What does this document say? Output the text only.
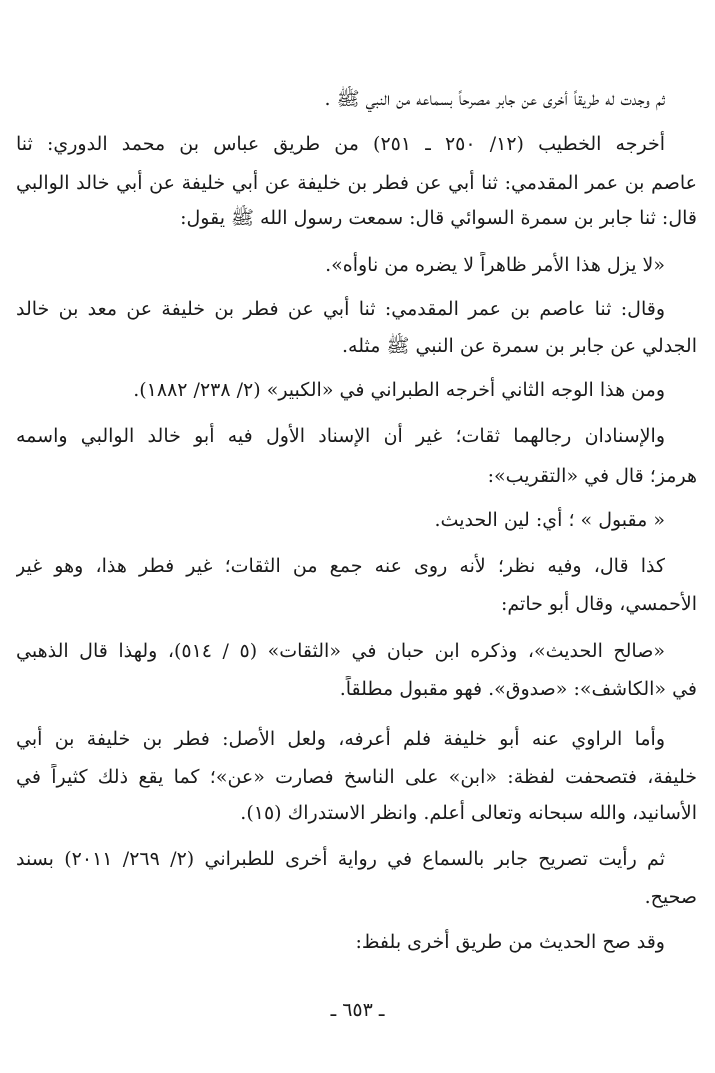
ثم وجدت له طريقاً أخرى عن جابر مصرحاً بسماعه من النبي ﷺ .
أخرجه الخطيب (١٢/ ٢٥٠ ـ ٢٥١) من طريق عباس بن محمد الدوري: ثنا
عاصم بن عمر المقدمي: ثنا أبي عن فطر بن خليفة عن أبي خليفة عن أبي خالد الوالبي
قال: ثنا جابر بن سمرة السوائي قال: سمعت رسول الله ﷺ يقول:
«لا يزل هذا الأمر ظاهراً لا يضره من ناوأه».
وقال: ثنا عاصم بن عمر المقدمي: ثنا أبي عن فطر بن خليفة عن معد بن خالد
الجدلي عن جابر بن سمرة عن النبي ﷺ مثله.
ومن هذا الوجه الثاني أخرجه الطبراني في «الكبير» (٢/ ٢٣٨/ ١٨٨٢).
والإسنادان رجالهما ثقات؛ غير أن الإسناد الأول فيه أبو خالد الوالبي واسمه
هرمز؛ قال في «التقريب»:
« مقبول » ؛ أي: لين الحديث.
كذا قال، وفيه نظر؛ لأنه روى عنه جمع من الثقات؛ غير فطر هذا، وهو غير
الأحمسي، وقال أبو حاتم:
«صالح الحديث»، وذكره ابن حبان في «الثقات» (٥ / ٥١٤)، ولهذا قال الذهبي
في «الكاشف»: «صدوق». فهو مقبول مطلقاً.
وأما الراوي عنه أبو خليفة فلم أعرفه، ولعل الأصل: فطر بن خليفة بن أبي
خليفة، فتصحفت لفظة: «ابن» على الناسخ فصارت «عن»؛ كما يقع ذلك كثيراً في
الأسانيد، والله سبحانه وتعالى أعلم. وانظر الاستدراك (١٥).
ثم رأيت تصريح جابر بالسماع في رواية أخرى للطبراني (٢/ ٢٦٩/ ٢٠١١) بسند
صحيح.
وقد صح الحديث من طريق أخرى بلفظ:
ـ ٦٥٣ ـ
